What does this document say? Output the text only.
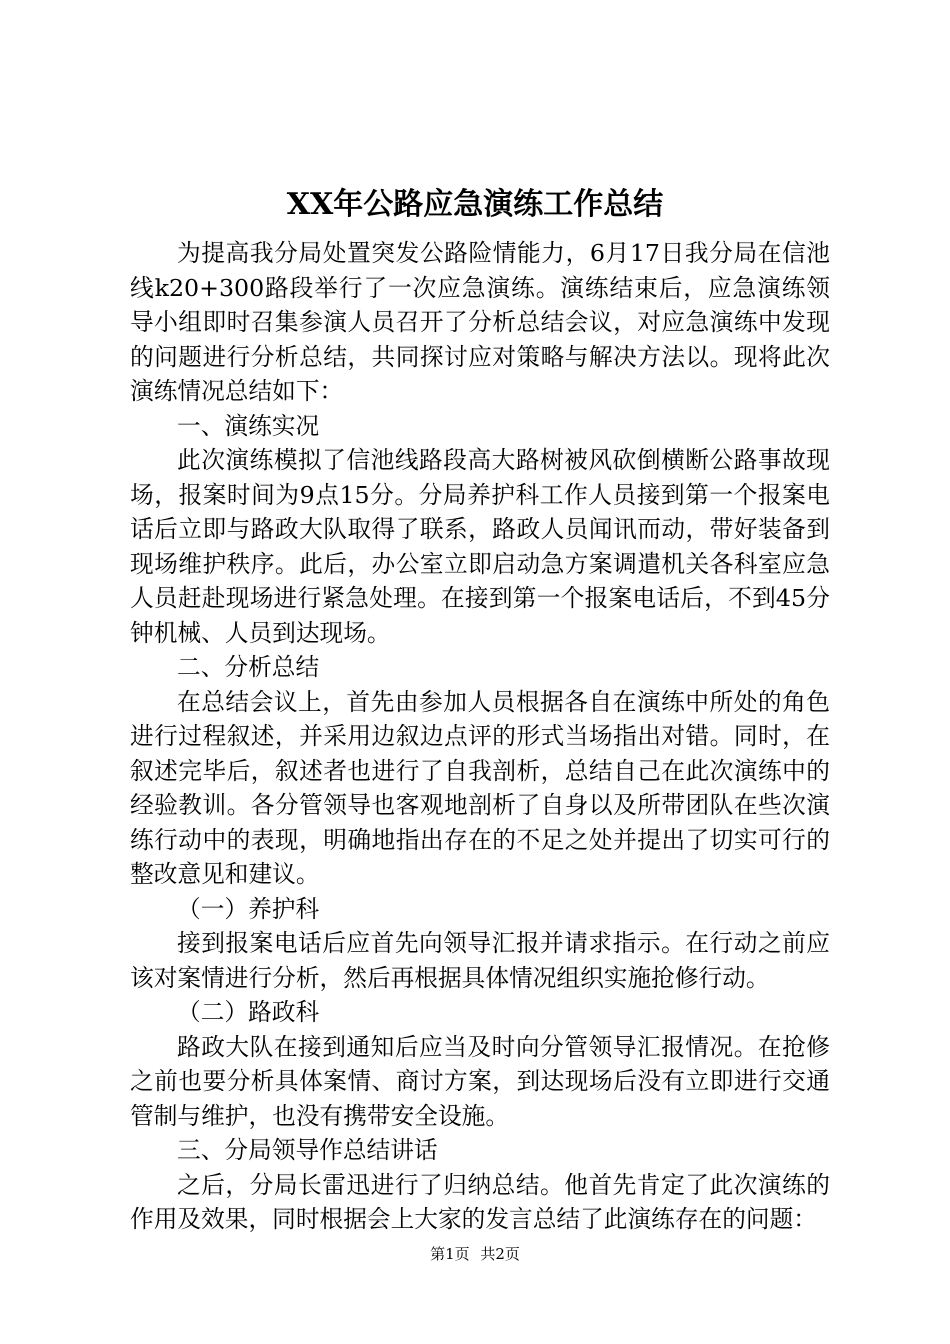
XX年公路应急演练工作总结

为提高我分局处置突发公路险情能力，6月17日我分局在信池线k20+300路段举行了一次应急演练。演练结束后，应急演练领导小组即时召集参演人员召开了分析总结会议，对应急演练中发现的问题进行分析总结，共同探讨应对策略与解决方法以。现将此次演练情况总结如下：

一、演练实况

此次演练模拟了信池线路段高大路树被风砍倒横断公路事故现场，报案时间为9点15分。分局养护科工作人员接到第一个报案电话后立即与路政大队取得了联系，路政人员闻讯而动，带好装备到现场维护秩序。此后，办公室立即启动急方案调遣机关各科室应急人员赶赴现场进行紧急处理。在接到第一个报案电话后，不到45分钟机械、人员到达现场。

二、分析总结

在总结会议上，首先由参加人员根据各自在演练中所处的角色进行过程叙述，并采用边叙边点评的形式当场指出对错。同时，在叙述完毕后，叙述者也进行了自我剖析，总结自己在此次演练中的经验教训。各分管领导也客观地剖析了自身以及所带团队在些次演练行动中的表现，明确地指出存在的不足之处并提出了切实可行的整改意见和建议。

（一）养护科

接到报案电话后应首先向领导汇报并请求指示。在行动之前应该对案情进行分析，然后再根据具体情况组织实施抢修行动。

（二）路政科

路政大队在接到通知后应当及时向分管领导汇报情况。在抢修之前也要分析具体案情、商讨方案，到达现场后没有立即进行交通管制与维护，也没有携带安全设施。

三、分局领导作总结讲话

之后，分局长雷迅进行了归纳总结。他首先肯定了此次演练的作用及效果，同时根据会上大家的发言总结了此演练存在的问题：

第1页 共2页
